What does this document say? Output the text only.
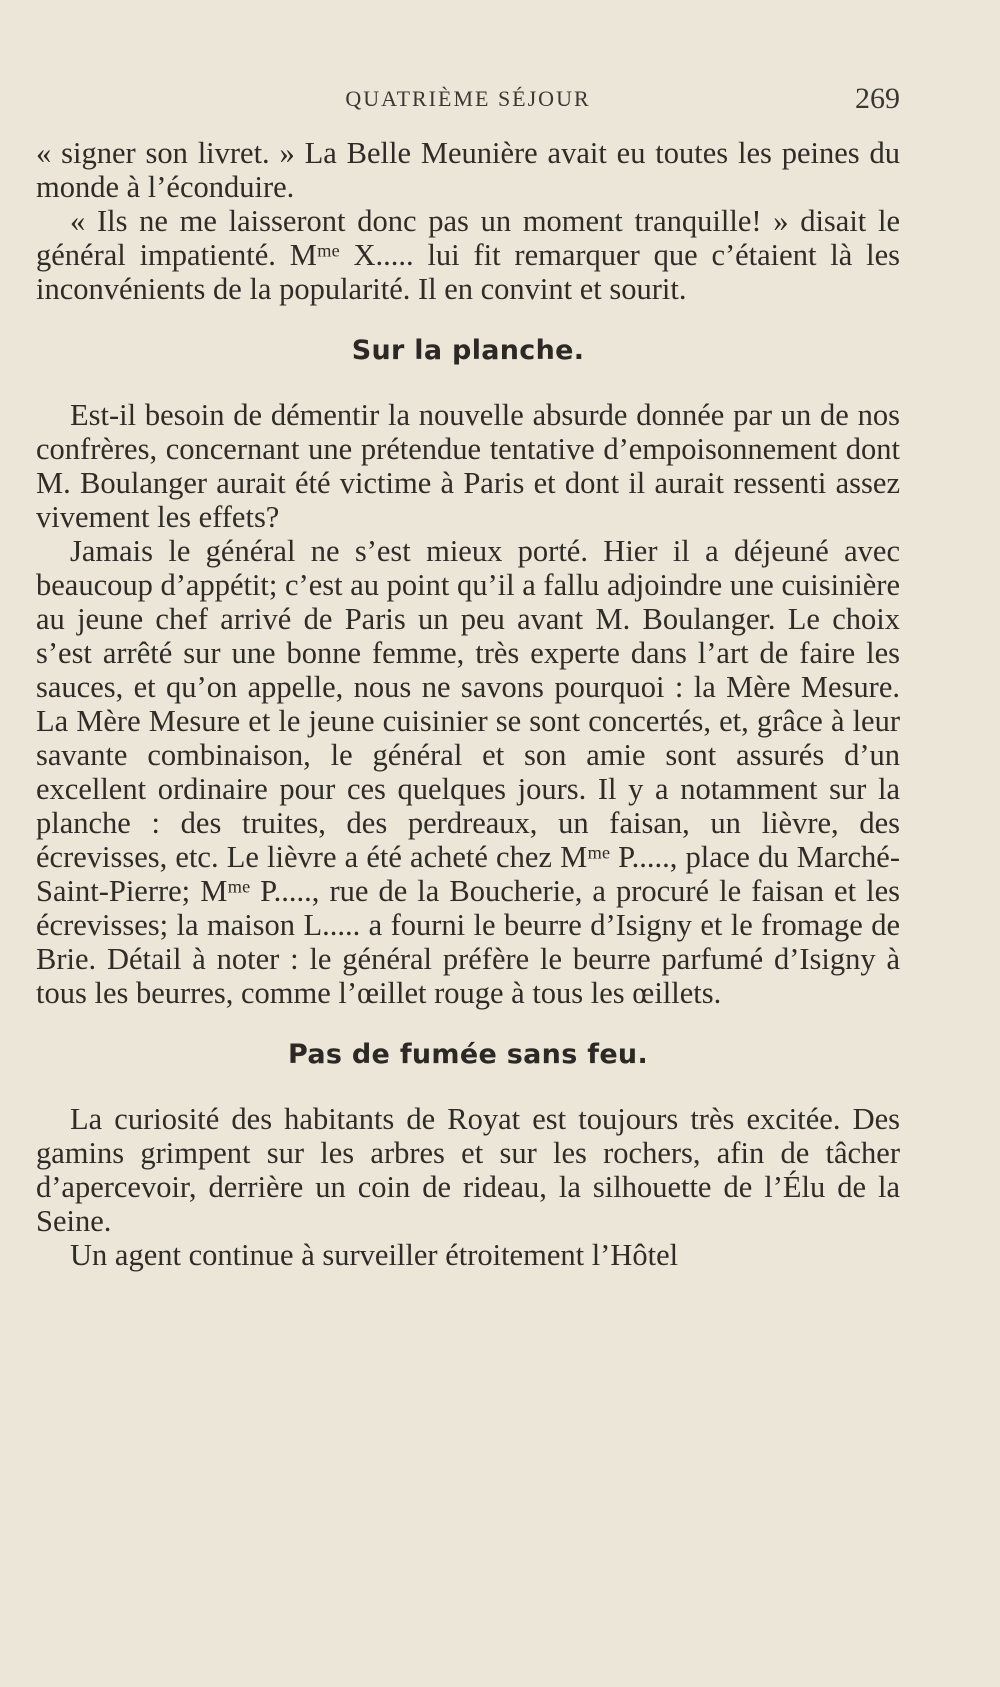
QUATRIÈME SÉJOUR	269

« signer son livret. » La Belle Meunière avait eu toutes les peines du monde à l’éconduire.

« Ils ne me laisseront donc pas un moment tranquille! » disait le général impatienté. Mᵐᵉ X..... lui fit remarquer que c’étaient là les inconvénients de la popularité. Il en convint et sourit.

Sur la planche.

Est-il besoin de démentir la nouvelle absurde donnée par un de nos confrères, concernant une prétendue tentative d’empoisonnement dont M. Boulanger aurait été victime à Paris et dont il aurait ressenti assez vivement les effets?

Jamais le général ne s’est mieux porté. Hier il a déjeuné avec beaucoup d’appétit; c’est au point qu’il a fallu adjoindre une cuisinière au jeune chef arrivé de Paris un peu avant M. Boulanger. Le choix s’est arrêté sur une bonne femme, très experte dans l’art de faire les sauces, et qu’on appelle, nous ne savons pourquoi : la Mère Mesure. La Mère Mesure et le jeune cuisinier se sont concertés, et, grâce à leur savante combinaison, le général et son amie sont assurés d’un excellent ordinaire pour ces quelques jours. Il y a notamment sur la planche : des truites, des perdreaux, un faisan, un lièvre, des écrevisses, etc. Le lièvre a été acheté chez Mᵐᵉ P....., place du Marché-Saint-Pierre; Mᵐᵉ P....., rue de la Boucherie, a procuré le faisan et les écrevisses; la maison L..... a fourni le beurre d’Isigny et le fromage de Brie. Détail à noter : le général préfère le beurre parfumé d’Isigny à tous les beurres, comme l’œillet rouge à tous les œillets.

Pas de fumée sans feu.

La curiosité des habitants de Royat est toujours très excitée. Des gamins grimpent sur les arbres et sur les rochers, afin de tâcher d’apercevoir, derrière un coin de rideau, la silhouette de l’Élu de la Seine.

Un agent continue à surveiller étroitement l’Hôtel
